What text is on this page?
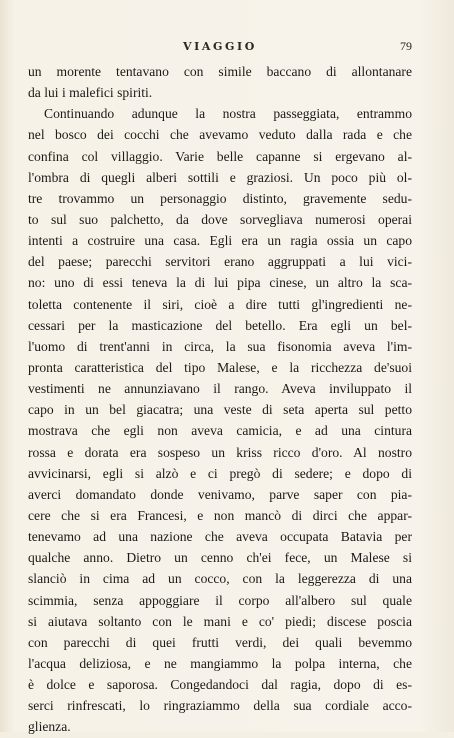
VIAGGIO	79
un morente tentavano con simile baccano di allontanare
da lui i malefici spiriti.
Continuando adunque la nostra passeggiata, entrammo
nel bosco dei cocchi che avevamo veduto dalla rada e che
confina col villaggio. Varie belle capanne si ergevano al-
l'ombra di quegli alberi sottili e graziosi. Un poco più ol-
tre trovammo un personaggio distinto, gravemente sedu-
to sul suo palchetto, da dove sorvegliava numerosi operai
intenti a costruire una casa. Egli era un ragia ossia un capo
del paese; parecchi servitori erano aggruppati a lui vici-
no: uno di essi teneva la di lui pipa cinese, un altro la sca-
toletta contenente il siri, cioè a dire tutti gl'ingredienti ne-
cessari per la masticazione del betello. Era egli un bel-
l'uomo di trent'anni in circa, la sua fisonomia aveva l'im-
pronta caratteristica del tipo Malese, e la ricchezza de'suoi
vestimenti ne annunziavano il rango. Aveva inviluppato il
capo in un bel giacatra; una veste di seta aperta sul petto
mostrava che egli non aveva camicia, e ad una cintura
rossa e dorata era sospeso un kriss ricco d'oro. Al nostro
avvicinarsi, egli si alzò e ci pregò di sedere; e dopo di
averci domandato donde venivamo, parve saper con pia-
cere che si era Francesi, e non mancò di dirci che appar-
tenevamo ad una nazione che aveva occupata Batavia per
qualche anno. Dietro un cenno ch'ei fece, un Malese si
slanciò in cima ad un cocco, con la leggerezza di una
scimmia, senza appoggiare il corpo all'albero sul quale
si aiutava soltanto con le mani e co' piedi; discese poscia
con parecchi di quei frutti verdi, dei quali bevemmo
l'acqua deliziosa, e ne mangiammo la polpa interna, che
è dolce e saporosa. Congedandoci dal ragia, dopo di es-
serci rinfrescati, lo ringraziammo della sua cordiale acco-
glienza.
